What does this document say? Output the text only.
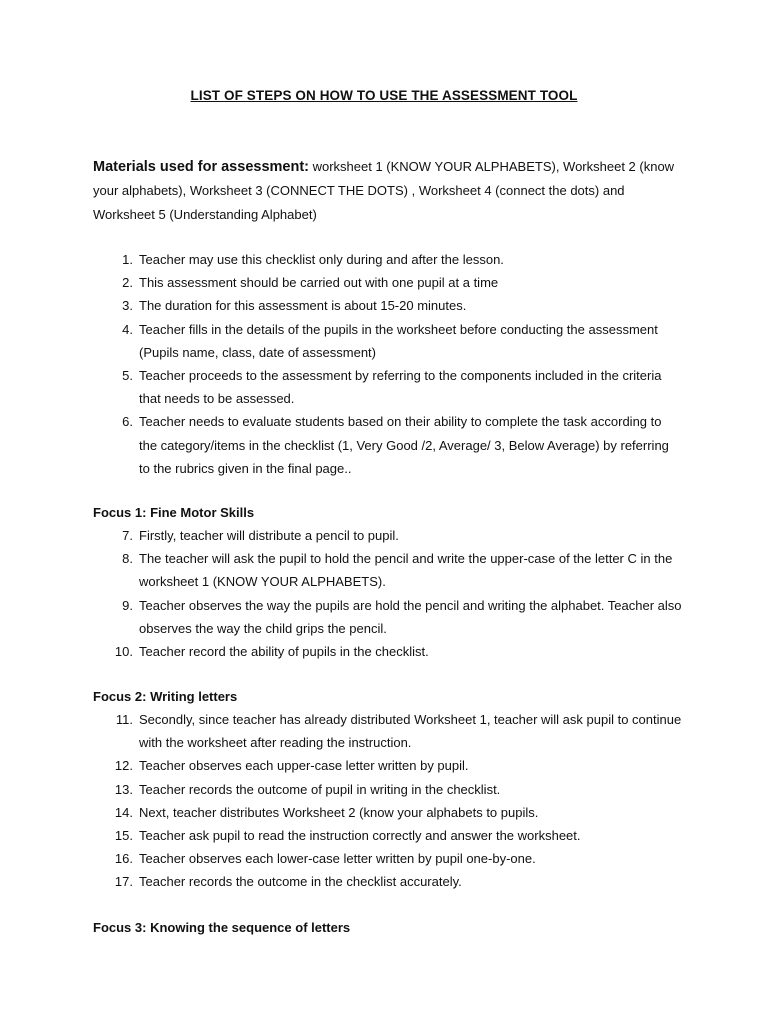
LIST OF STEPS ON HOW TO USE THE ASSESSMENT TOOL
Materials used for assessment: worksheet 1 (KNOW YOUR ALPHABETS), Worksheet 2 (know your alphabets), Worksheet 3 (CONNECT THE DOTS) , Worksheet 4 (connect the dots) and Worksheet 5 (Understanding Alphabet)
1. Teacher may use this checklist only during and after the lesson.
2. This assessment should be carried out with one pupil at a time
3. The duration for this assessment is about 15-20 minutes.
4. Teacher fills in the details of the pupils in the worksheet before conducting the assessment (Pupils name, class, date of assessment)
5. Teacher proceeds to the assessment by referring to the components included in the criteria that needs to be assessed.
6. Teacher needs to evaluate students based on their ability to complete the task according to the category/items in the checklist (1, Very Good /2, Average/ 3, Below Average) by referring to the rubrics given in the final page..
Focus 1: Fine Motor Skills
7. Firstly, teacher will distribute a pencil to pupil.
8. The teacher will ask the pupil to hold the pencil and write the upper-case of the letter C in the worksheet 1 (KNOW YOUR ALPHABETS).
9. Teacher observes the way the pupils are hold the pencil and writing the alphabet. Teacher also observes the way the child grips the pencil.
10. Teacher record the ability of pupils in the checklist.
Focus 2: Writing letters
11. Secondly, since teacher has already distributed Worksheet 1, teacher will ask pupil to continue with the worksheet after reading the instruction.
12. Teacher observes each upper-case letter written by pupil.
13. Teacher records the outcome of pupil in writing in the checklist.
14. Next, teacher distributes Worksheet 2 (know your alphabets to pupils.
15. Teacher ask pupil to read the instruction correctly and answer the worksheet.
16. Teacher observes each lower-case letter written by pupil one-by-one.
17. Teacher records the outcome in the checklist accurately.
Focus 3: Knowing the sequence of letters
